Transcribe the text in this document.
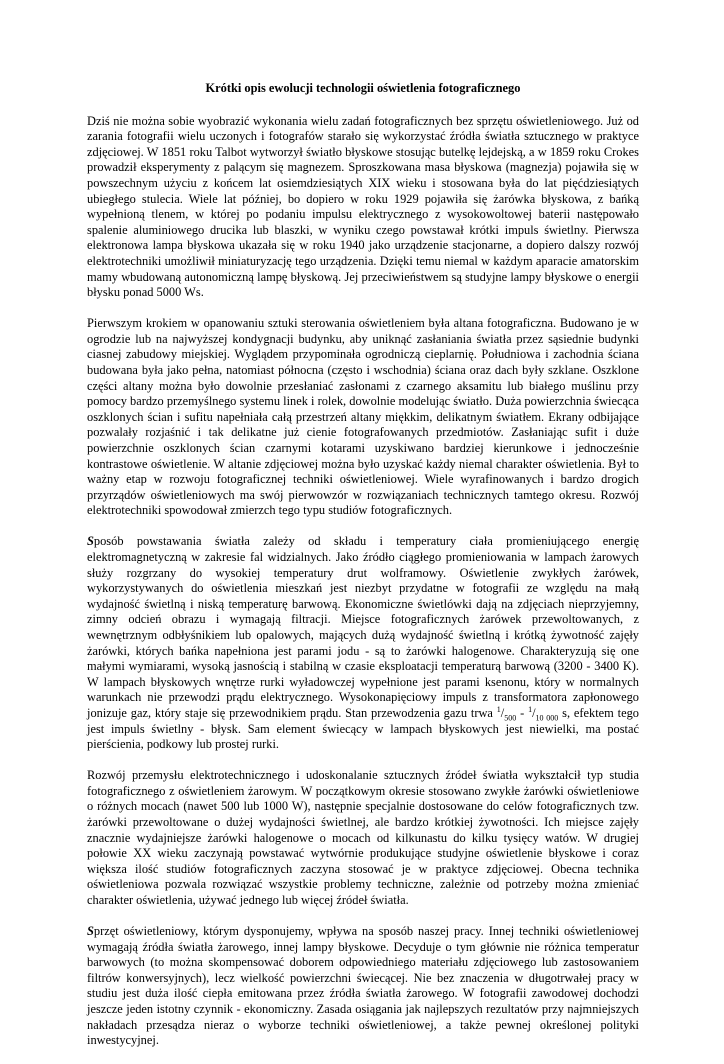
Krótki opis ewolucji technologii oświetlenia fotograficznego

Dziś nie można sobie wyobrazić wykonania wielu zadań fotograficznych bez sprzętu oświetleniowego. Już od zarania fotografii wielu uczonych i fotografów starało się wykorzystać źródła światła sztucznego w praktyce zdjęciowej. W 1851 roku Talbot wytworzył światło błyskowe stosując butelkę lejdejską, a w 1859 roku Crokes prowadził eksperymenty z palącym się magnezem. Sproszkowana masa błyskowa (magnezja) pojawiła się w powszechnym użyciu z końcem lat osiemdziesiątych XIX wieku i stosowana była do lat pięćdziesiątych ubiegłego stulecia. Wiele lat później, bo dopiero w roku 1929 pojawiła się żarówka błyskowa, z bańką wypełnioną tlenem, w której po podaniu impulsu elektrycznego z wysokowoltowej baterii następowało spalenie aluminiowego drucika lub blaszki, w wyniku czego powstawał krótki impuls świetlny. Pierwsza elektronowa lampa błyskowa ukazała się w roku 1940 jako urządzenie stacjonarne, a dopiero dalszy rozwój elektrotechniki umożliwił miniaturyzację tego urządzenia. Dzięki temu niemal w każdym aparacie amatorskim mamy wbudowaną autonomiczną lampę błyskową. Jej przeciwieństwem są studyjne lampy błyskowe o energii błysku ponad 5000 Ws.

Pierwszym krokiem w opanowaniu sztuki sterowania oświetleniem była altana fotograficzna. Budowano je w ogrodzie lub na najwyższej kondygnacji budynku, aby uniknąć zasłaniania światła przez sąsiednie budynki ciasnej zabudowy miejskiej. Wyglądem przypominała ogrodniczą cieplarnię. Południowa i zachodnia ściana budowana była jako pełna, natomiast północna (często i wschodnia) ściana oraz dach były szklane. Oszklone części altany można było dowolnie przesłaniać zasłonami z czarnego aksamitu lub białego muślinu przy pomocy bardzo przemyślnego systemu linek i rolek, dowolnie modelując światło. Duża powierzchnia świecąca oszklonych ścian i sufitu napełniała całą przestrzeń altany miękkim, delikatnym światłem. Ekrany odbijające pozwalały rozjaśnić i tak delikatne już cienie fotografowanych przedmiotów. Zasłaniając sufit i duże powierzchnie oszklonych ścian czarnymi kotarami uzyskiwano bardziej kierunkowe i jednocześnie kontrastowe oświetlenie. W altanie zdjęciowej można było uzyskać każdy niemal charakter oświetlenia. Był to ważny etap w rozwoju fotograficznej techniki oświetleniowej. Wiele wyrafinowanych i bardzo drogich przyrządów oświetleniowych ma swój pierwowzór w rozwiązaniach technicznych tamtego okresu. Rozwój elektrotechniki spowodował zmierzch tego typu studiów fotograficznych.

Sposób powstawania światła zależy od składu i temperatury ciała promieniującego energię elektromagnetyczną w zakresie fal widzialnych. Jako źródło ciągłego promieniowania w lampach żarowych służy rozgrzany do wysokiej temperatury drut wolframowy. Oświetlenie zwykłych żarówek, wykorzystywanych do oświetlenia mieszkań jest niezbyt przydatne w fotografii ze względu na małą wydajność świetlną i niską temperaturę barwową. Ekonomiczne świetlówki dają na zdjęciach nieprzyjemny, zimny odcień obrazu i wymagają filtracji. Miejsce fotograficznych żarówek przewoltowanych, z wewnętrznym odbłyśnikiem lub opalowych, mających dużą wydajność świetlną i krótką żywotność zajęły żarówki, których bańka napełniona jest parami jodu - są to żarówki halogenowe. Charakteryzują się one małymi wymiarami, wysoką jasnością i stabilną w czasie eksploatacji temperaturą barwową (3200 - 3400 K). W lampach błyskowych wnętrze rurki wyładowczej wypełnione jest parami ksenonu, który w normalnych warunkach nie przewodzi prądu elektrycznego. Wysokonapięciowy impuls z transformatora zapłonowego jonizuje gaz, który staje się przewodnikiem prądu. Stan przewodzenia gazu trwa $^1/_{500} - ^1/_{10 000}$ s, efektem tego jest impuls świetlny - błysk. Sam element świecący w lampach błyskowych jest niewielki, ma postać pierścienia, podkowy lub prostej rurki.

Rozwój przemysłu elektrotechnicznego i udoskonalanie sztucznych źródeł światła wykształcił typ studia fotograficznego z oświetleniem żarowym. W początkowym okresie stosowano zwykłe żarówki oświetleniowe o różnych mocach (nawet 500 lub 1000 W), następnie specjalnie dostosowane do celów fotograficznych tzw. żarówki przewoltowane o dużej wydajności świetlnej, ale bardzo krótkiej żywotności. Ich miejsce zajęły znacznie wydajniejsze żarówki halogenowe o mocach od kilkunastu do kilku tysięcy watów. W drugiej połowie XX wieku zaczynają powstawać wytwórnie produkujące studyjne oświetlenie błyskowe i coraz większa ilość studiów fotograficznych zaczyna stosować je w praktyce zdjęciowej. Obecna technika oświetleniowa pozwala rozwiązać wszystkie problemy techniczne, zależnie od potrzeby można zmieniać charakter oświetlenia, używać jednego lub więcej źródeł światła.

Sprzęt oświetleniowy, którym dysponujemy, wpływa na sposób naszej pracy. Innej techniki oświetleniowej wymagają źródła światła żarowego, innej lampy błyskowe. Decyduje o tym głównie nie różnica temperatur barwowych (to można skompensować doborem odpowiedniego materiału zdjęciowego lub zastosowaniem filtrów konwersyjnych), lecz wielkość powierzchni świecącej. Nie bez znaczenia w długotrwałej pracy w studiu jest duża ilość ciepła emitowana przez źródła światła żarowego. W fotografii zawodowej dochodzi jeszcze jeden istotny czynnik - ekonomiczny. Zasada osiągania jak najlepszych rezultatów przy najmniejszych nakładach przesądza nieraz o wyborze techniki oświetleniowej, a także pewnej określonej polityki inwestycyjnej.
